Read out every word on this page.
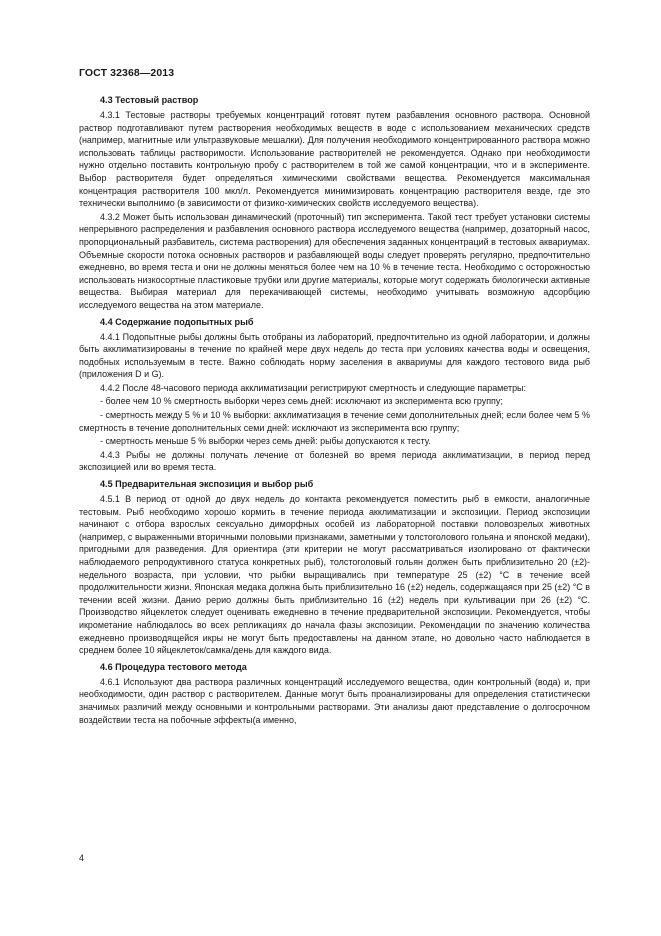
ГОСТ 32368—2013
4.3 Тестовый раствор

4.3.1 Тестовые растворы требуемых концентраций готовят путем разбавления основного раствора. Основной раствор подготавливают путем растворения необходимых веществ в воде с использованием механических средств (например, магнитные или ультразвуковые мешалки). Для получения необходимого концентрированного раствора можно использовать таблицы растворимости. Использование растворителей не рекомендуется. Однако при необходимости нужно отдельно поставить контрольную пробу с растворителем в той же самой концентрации, что и в эксперименте. Выбор растворителя будет определяться химическими свойствами вещества. Рекомендуется максимальная концентрация растворителя 100 мкл/л. Рекомендуется минимизировать концентрацию растворителя везде, где это технически выполнимо (в зависимости от физико-химических свойств исследуемого вещества).

4.3.2 Может быть использован динамический (проточный) тип эксперимента. Такой тест требует установки системы непрерывного распределения и разбавления основного раствора исследуемого вещества (например, дозаторный насос, пропорциональный разбавитель, система растворения) для обеспечения заданных концентраций в тестовых аквариумах. Объемные скорости потока основных растворов и разбавляющей воды следует проверять регулярно, предпочтительно ежедневно, во время теста и они не должны меняться более чем на 10 % в течение теста. Необходимо с осторожностью использовать низкосортные пластиковые трубки или другие материалы, которые могут содержать биологически активные вещества. Выбирая материал для перекачивающей системы, необходимо учитывать возможную адсорбцию исследуемого вещества на этом материале.

4.4 Содержание подопытных рыб

4.4.1 Подопытные рыбы должны быть отобраны из лабораторий, предпочтительно из одной лаборатории, и должны быть акклиматизированы в течение по крайней мере двух недель до теста при условиях качества воды и освещения, подобных используемым в тесте. Важно соблюдать норму заселения в аквариумы для каждого тестового вида рыб (приложения D и G).

4.4.2 После 48-часового периода акклиматизации регистрируют смертность и следующие параметры:

- более чем 10 % смертность выборки через семь дней: исключают из эксперимента всю группу;

- смертность между 5 % и 10 % выборки: акклиматизация в течение семи дополнительных дней; если более чем 5 % смертность в течение дополнительных семи дней: исключают из эксперимента всю группу;

- смертность меньше 5 % выборки через семь дней: рыбы допускаются к тесту.

4.4.3 Рыбы не должны получать лечение от болезней во время периода акклиматизации, в период перед экспозицией или во время теста.

4.5 Предварительная экспозиция и выбор рыб

4.5.1 В период от одной до двух недель до контакта рекомендуется поместить рыб в емкости, аналогичные тестовым. Рыб необходимо хорошо кормить в течение периода акклиматизации и экспозиции. Период экспозиции начинают с отбора взрослых сексуально диморфных особей из лабораторной поставки половозрелых животных (например, с выраженными вторичными половыми признаками, заметными у толстоголового гольяна и японской медаки), пригодными для разведения. Для ориентира (эти критерии не могут рассматриваться изолировано от фактически наблюдаемого репродуктивного статуса конкретных рыб), толстоголовый гольян должен быть приблизительно 20 (±2)-недельного возраста, при условии, что рыбки выращивались при температуре 25 (±2) °С в течение всей продолжительности жизни. Японская медака должна быть приблизительно 16 (±2) недель, содержащаяся при 25 (±2) °С в течении всей жизни. Данио рерио должны быть приблизительно 16 (±2) недель при культивации при 26 (±2) °С. Производство яйцеклеток следует оценивать ежедневно в течение предварительной экспозиции. Рекомендуется, чтобы икрометание наблюдалось во всех репликациях до начала фазы экспозиции. Рекомендации по значению количества ежедневно производящейся икры не могут быть предоставлены на данном этапе, но довольно часто наблюдается в среднем более 10 яйцеклеток/самка/день для каждого вида.

4.6 Процедура тестового метода

4.6.1 Используют два раствора различных концентраций исследуемого вещества, один контрольный (вода) и, при необходимости, один раствор с растворителем. Данные могут быть проанализированы для определения статистически значимых различий между основными и контрольными растворами. Эти анализы дают представление о долгосрочном воздействии теста на побочные эффекты(а именно,

4
